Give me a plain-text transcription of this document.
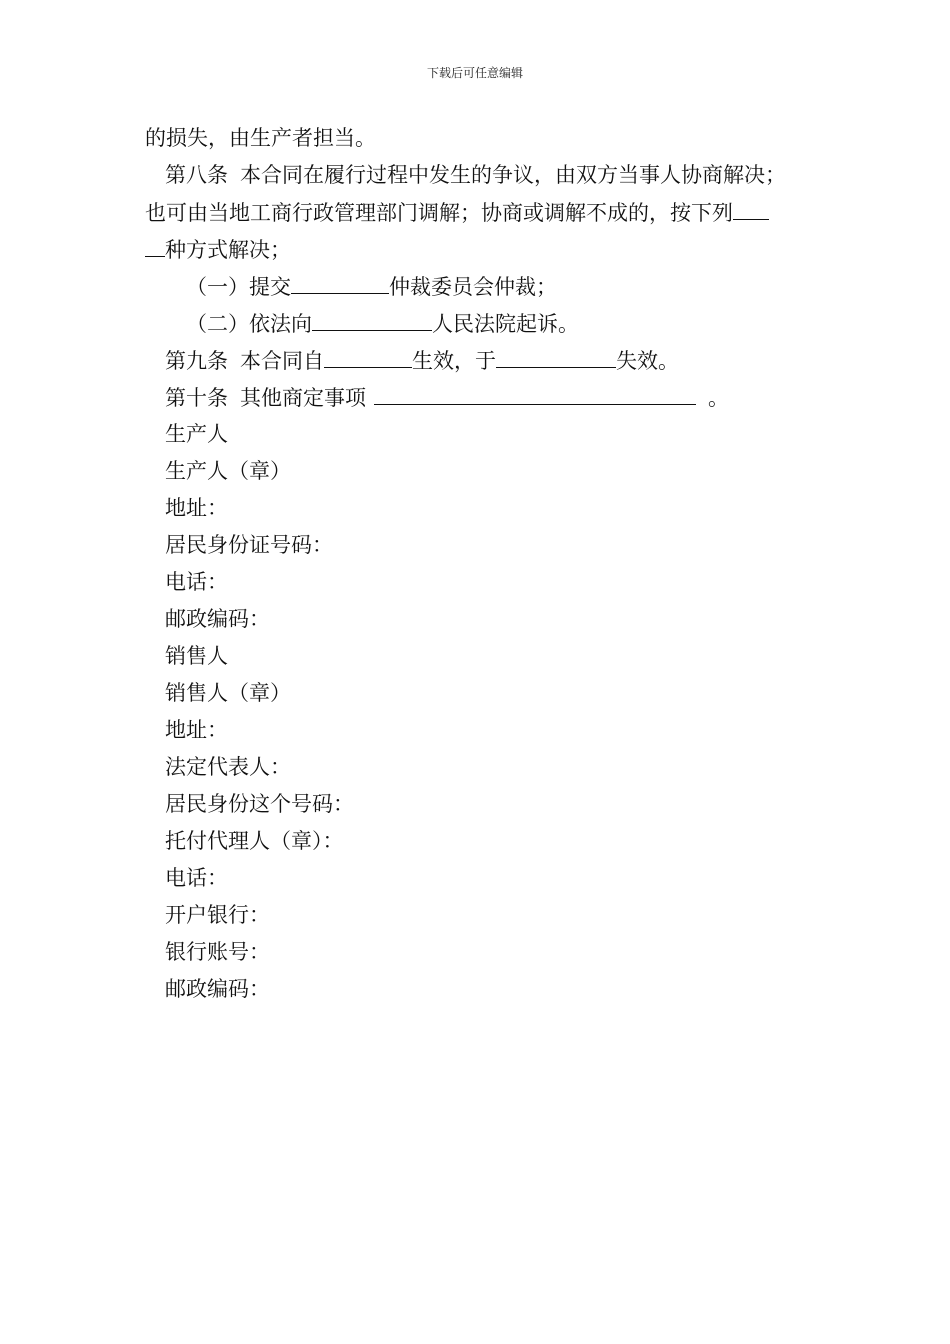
下载后可任意编辑
的损失，由生产者担当。
第八条 本合同在履行过程中发生的争议，由双方当事人协商解决；
也可由当地工商行政管理部门调解；协商或调解不成的，按下列
种方式解决；
（一）提交	仲裁委员会仲裁；
（二）依法向	人民法院起诉。
第九条 本合同自	生效，于	失效。
第十条 其他商定事项	。
生产人
生产人（章）
地址：
居民身份证号码：
电话：
邮政编码：
销售人
销售人（章）
地址：
法定代表人：
居民身份这个号码：
托付代理人（章）：
电话：
开户银行：
银行账号：
邮政编码：
